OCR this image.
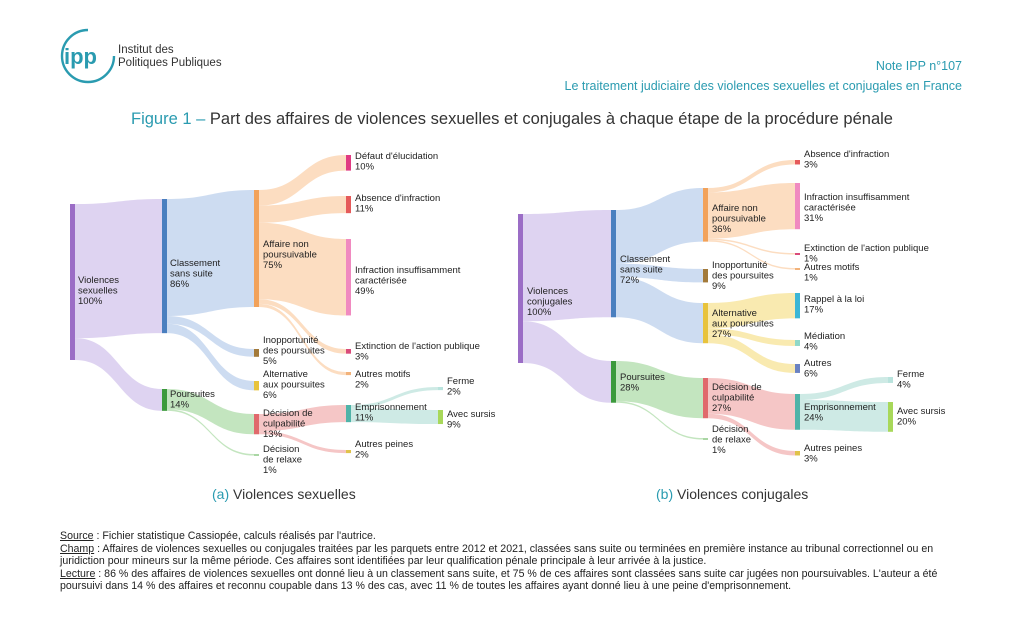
ipp Institut des
Politiques Publiques	Note IPP n°107
Le traitement judiciaire des violences sexuelles et conjugales en France
Figure 1 – Part des affaires de violences sexuelles et conjugales à chaque étape de la procédure pénale
Violences sexuelles 100%
Classement sans suite 86%
Poursuites 14%
Affaire non poursuivable 75%
Inopportunité des poursuites 5%
Alternative aux poursuites 6%
Décision de culpabilité 13%
Décision de relaxe 1%
Défaut d'élucidation 10%
Absence d'infraction 11%
Infraction insuffisamment caractérisée 49%
Extinction de l'action publique 3%
Autres motifs 2%
Emprisonnement 11%
Autres peines 2%
Ferme 2%
Avec sursis 9%
Violences conjugales 100%
Classement sans suite 72%
Poursuites 28%
Affaire non poursuivable 36%
Inopportunité des poursuites 9%
Alternative aux poursuites 27%
Décision de culpabilité 27%
Décision de relaxe 1%
Absence d'infraction 3%
Infraction insuffisamment caractérisée 31%
Extinction de l'action publique 1%
Autres motifs 1%
Rappel à la loi 17%
Médiation 4%
Autres 6%
Emprisonnement 24%
Autres peines 3%
Ferme 4%
Avec sursis 20%
(a) Violences sexuelles	(b) Violences conjugales
Source : Fichier statistique Cassiopée, calculs réalisés par l'autrice.
Champ : Affaires de violences sexuelles ou conjugales traitées par les parquets entre 2012 et 2021, classées sans suite ou terminées en première instance au tribunal correctionnel ou en juridiction pour mineurs sur la même période. Ces affaires sont identifiées par leur qualification pénale principale à leur arrivée à la justice.
Lecture : 86 % des affaires de violences sexuelles ont donné lieu à un classement sans suite, et 75 % de ces affaires sont classées sans suite car jugées non poursuivables. L'auteur a été poursuivi dans 14 % des affaires et reconnu coupable dans 13 % des cas, avec 11 % de toutes les affaires ayant donné lieu à une peine d'emprisonnement.
